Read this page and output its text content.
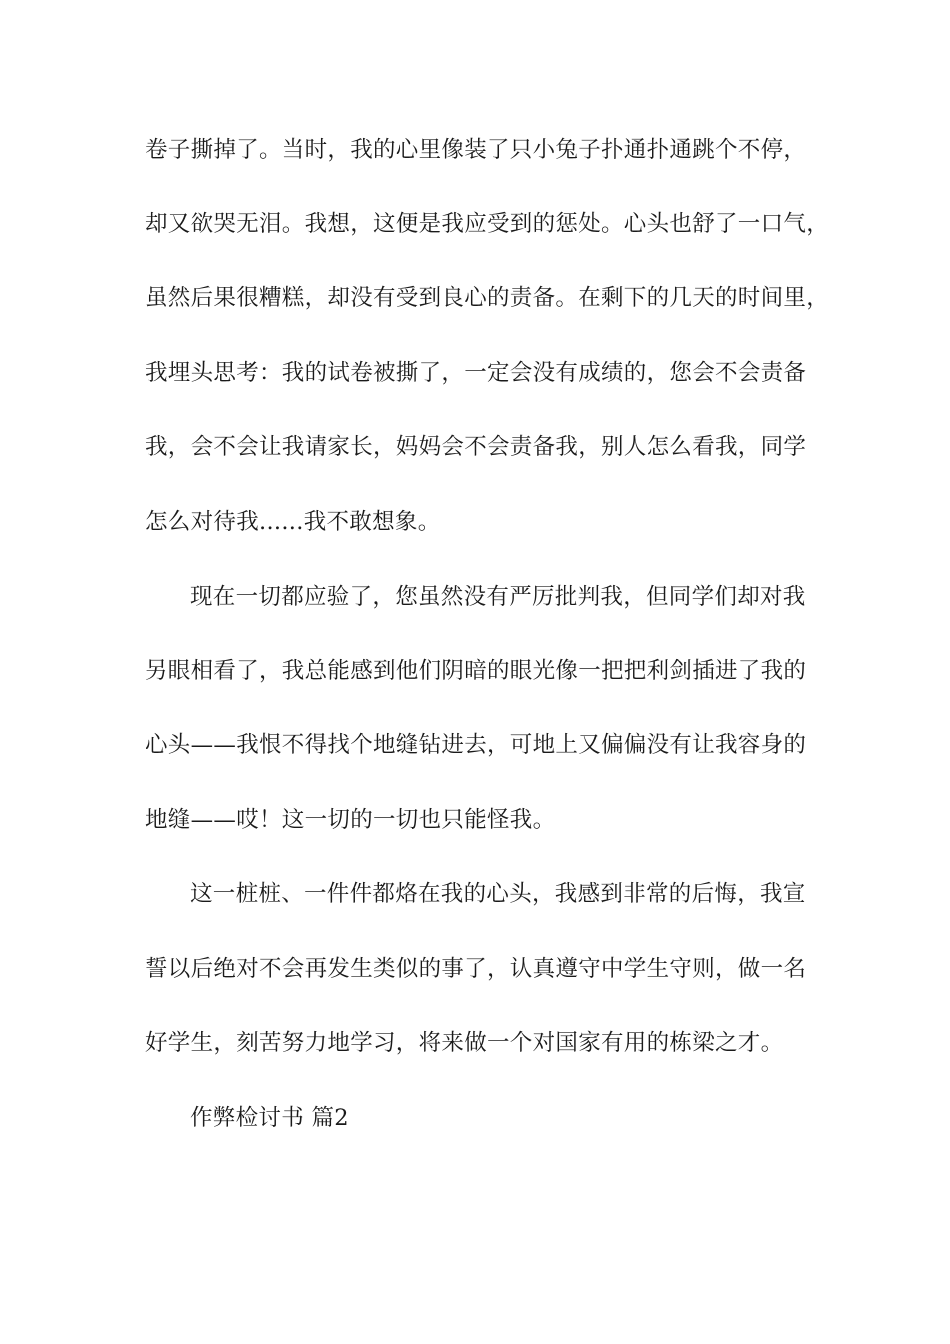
卷子撕掉了。当时，我的心里像装了只小兔子扑通扑通跳个不停，

却又欲哭无泪。我想，这便是我应受到的惩处。心头也舒了一口气，

虽然后果很糟糕，却没有受到良心的责备。在剩下的几天的时间里，

我埋头思考：我的试卷被撕了，一定会没有成绩的，您会不会责备

我，会不会让我请家长，妈妈会不会责备我，别人怎么看我，同学

怎么对待我......我不敢想象。

现在一切都应验了，您虽然没有严厉批判我，但同学们却对我

另眼相看了，我总能感到他们阴暗的眼光像一把把利剑插进了我的

心头——我恨不得找个地缝钻进去，可地上又偏偏没有让我容身的

地缝——哎！这一切的一切也只能怪我。

这一桩桩、一件件都烙在我的心头，我感到非常的后悔，我宣

誓以后绝对不会再发生类似的事了，认真遵守中学生守则，做一名

好学生，刻苦努力地学习，将来做一个对国家有用的栋梁之才。

作弊检讨书 篇2
